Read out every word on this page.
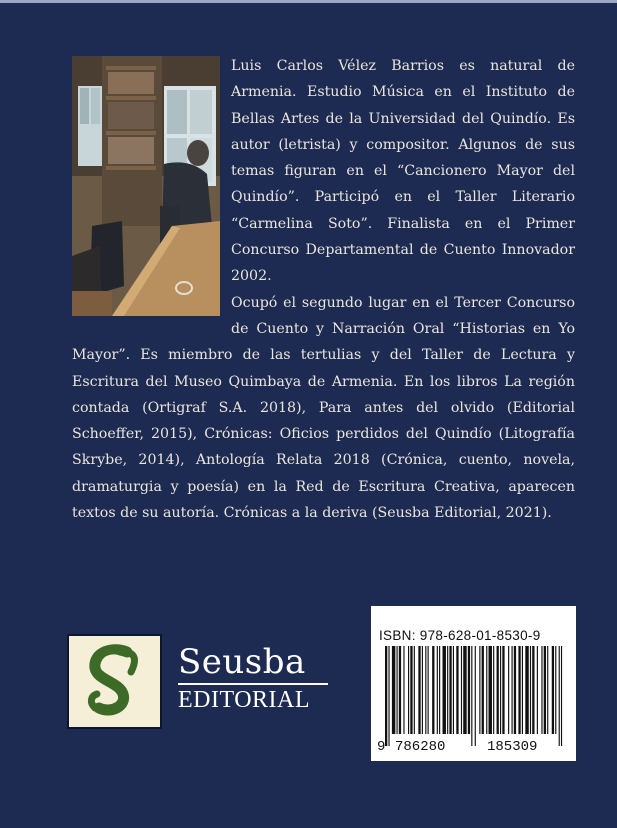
Luis Carlos Vélez Barrios es natural de Armenia. Estudio Música en el Instituto de Bellas Artes de la Universidad del Quindío. Es autor (letrista) y compositor. Algunos de sus temas figuran en el “Cancionero Mayor del Quindío”. Participó en el Taller Literario “Carmelina Soto”. Finalista en el Primer Concurso Departamental de Cuento Innovador 2002.

Ocupó el segundo lugar en el Tercer Concurso de Cuento y Narración Oral “Historias en Yo Mayor”. Es miembro de las tertulias y del Taller de Lectura y Escritura del Museo Quimbaya de Armenia. En los libros La región contada (Ortigraf S.A. 2018), Para antes del olvido (Editorial Schoeffer, 2015), Crónicas: Oficios perdidos del Quindío (Litografía Skrybe, 2014), Antología Relata 2018 (Crónica, cuento, novela, dramaturgia y poesía) en la Red de Escritura Creativa, aparecen textos de su autoría. Crónicas a la deriva (Seusba Editorial, 2021).

Seusba
EDITORIAL
ISBN: 978-628-01-8530-9
9 786280	185309
